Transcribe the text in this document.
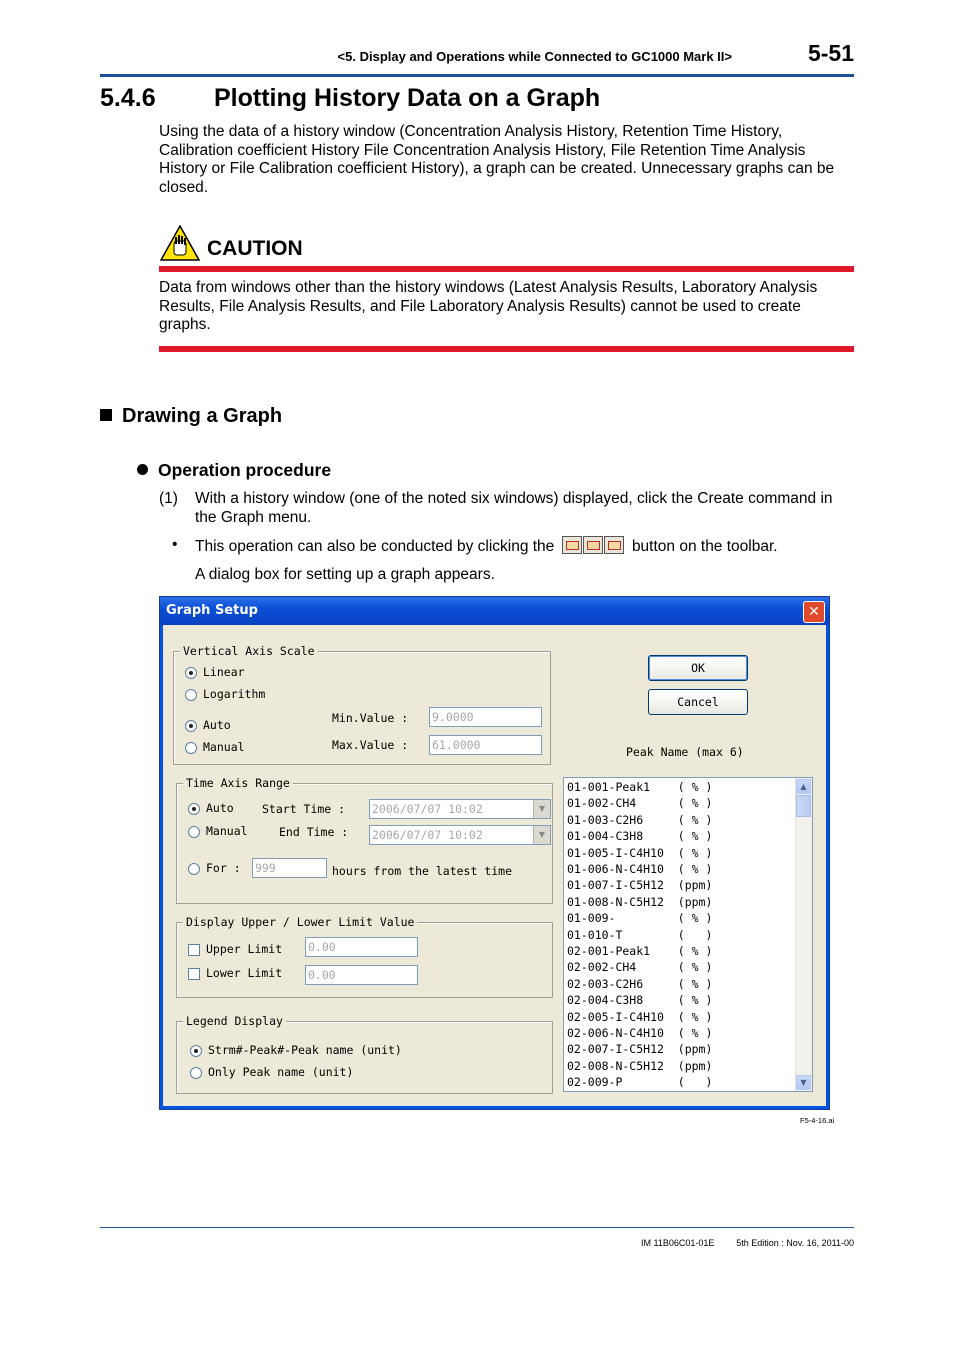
<5. Display and Operations while Connected to GC1000 Mark II>	5-51
5.4.6 Plotting History Data on a Graph
Using the data of a history window (Concentration Analysis History, Retention Time History, Calibration coefficient History File Concentration Analysis History, File Retention Time Analysis History or File Calibration coefficient History), a graph can be created. Unnecessary graphs can be closed.
CAUTION
Data from windows other than the history windows (Latest Analysis Results, Laboratory Analysis Results, File Analysis Results, and File Laboratory Analysis Results) cannot be used to create graphs.
Drawing a Graph
Operation procedure
(1) With a history window (one of the noted six windows) displayed, click the Create command in the Graph menu.
• This operation can also be conducted by clicking the	button on the toolbar.
A dialog box for setting up a graph appears.
Graph Setup	✕
Vertical Axis Scale
Linear
Logarithm
Auto
Manual
Min.Value : 9.0000
Max.Value : 61.0000
Time Axis Range
Auto
Manual
Start Time : 2006/07/07 10:02	▼
End Time : 2006/07/07 10:02	▼
For : 999	hours from the latest time
Display Upper / Lower Limit Value
Upper Limit 0.00
Lower Limit 0.00
Legend Display
Strm#-Peak#-Peak name (unit)
Only Peak name (unit)
OK
Cancel
Peak Name (max 6)
01-001-Peak1    ( % )
01-002-CH4      ( % )
01-003-C2H6     ( % )
01-004-C3H8     ( % )
01-005-I-C4H10  ( % )
01-006-N-C4H10  ( % )
01-007-I-C5H12  (ppm)
01-008-N-C5H12  (ppm)
01-009-         ( % )
01-010-T        (   )
02-001-Peak1    ( % )
02-002-CH4      ( % )
02-003-C2H6     ( % )
02-004-C3H8     ( % )
02-005-I-C4H10  ( % )
02-006-N-C4H10  ( % )
02-007-I-C5H12  (ppm)
02-008-N-C5H12  (ppm)
02-009-P        (   )
▲
▼
F5-4-16.ai
IM 11B06C01-01E	5th Edition : Nov. 16, 2011-00
